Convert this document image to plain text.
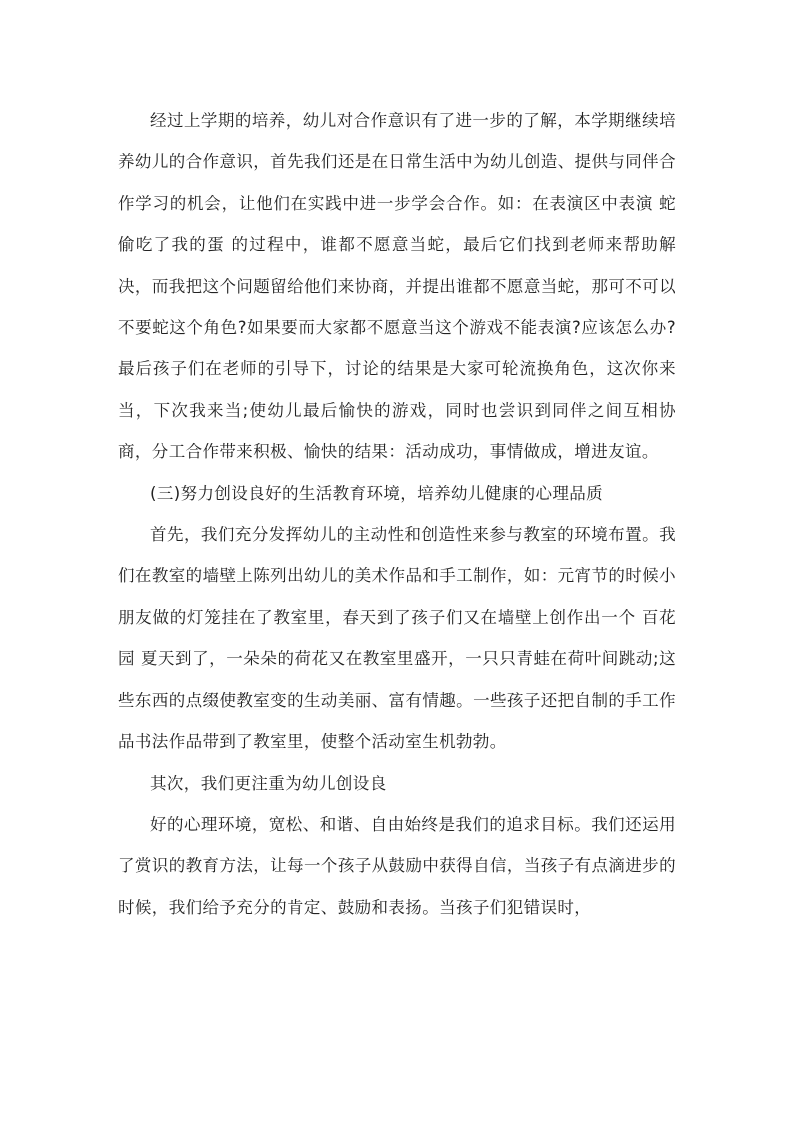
经过上学期的培养，幼儿对合作意识有了进一步的了解，本学期继续培养幼儿的合作意识，首先我们还是在日常生活中为幼儿创造、提供与同伴合作学习的机会，让他们在实践中进一步学会合作。如：在表演区中表演 蛇偷吃了我的蛋 的过程中，谁都不愿意当蛇，最后它们找到老师来帮助解决，而我把这个问题留给他们来协商，并提出谁都不愿意当蛇，那可不可以不要蛇这个角色?如果要而大家都不愿意当这个游戏不能表演?应该怎么办?最后孩子们在老师的引导下，讨论的结果是大家可轮流换角色，这次你来当，下次我来当;使幼儿最后愉快的游戏，同时也尝识到同伴之间互相协商，分工合作带来积极、愉快的结果：活动成功，事情做成，增进友谊。

(三)努力创设良好的生活教育环境，培养幼儿健康的心理品质

首先，我们充分发挥幼儿的主动性和创造性来参与教室的环境布置。我们在教室的墙壁上陈列出幼儿的美术作品和手工制作，如：元宵节的时候小朋友做的灯笼挂在了教室里，春天到了孩子们又在墙壁上创作出一个 百花园 夏天到了，一朵朵的荷花又在教室里盛开，一只只青蛙在荷叶间跳动;这些东西的点缀使教室变的生动美丽、富有情趣。一些孩子还把自制的手工作品书法作品带到了教室里，使整个活动室生机勃勃。

其次，我们更注重为幼儿创设良

好的心理环境，宽松、和谐、自由始终是我们的追求目标。我们还运用了赏识的教育方法，让每一个孩子从鼓励中获得自信，当孩子有点滴进步的时候，我们给予充分的肯定、鼓励和表扬。当孩子们犯错误时，
